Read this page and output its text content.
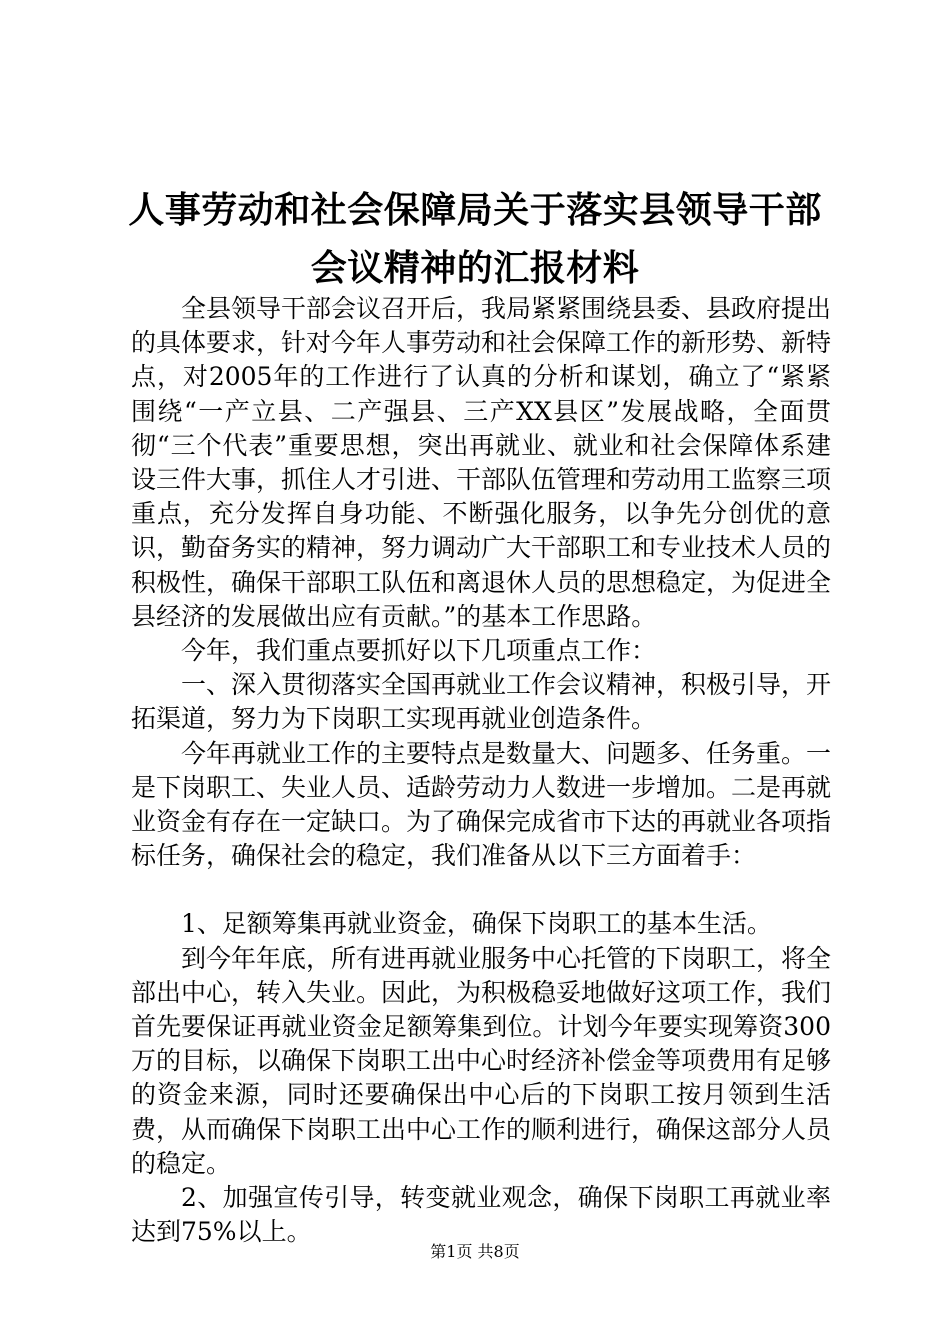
人事劳动和社会保障局关于落实县领导干部会议精神的汇报材料

全县领导干部会议召开后，我局紧紧围绕县委、县政府提出的具体要求，针对今年人事劳动和社会保障工作的新形势、新特点，对2005年的工作进行了认真的分析和谋划，确立了“紧紧围绕“一产立县、二产强县、三产XX县区”发展战略，全面贯彻“三个代表”重要思想，突出再就业、就业和社会保障体系建设三件大事，抓住人才引进、干部队伍管理和劳动用工监察三项重点，充分发挥自身功能、不断强化服务，以争先分创优的意识，勤奋务实的精神，努力调动广大干部职工和专业技术人员的积极性，确保干部职工队伍和离退休人员的思想稳定，为促进全县经济的发展做出应有贡献。”的基本工作思路。

今年，我们重点要抓好以下几项重点工作：

一、深入贯彻落实全国再就业工作会议精神，积极引导，开拓渠道，努力为下岗职工实现再就业创造条件。

今年再就业工作的主要特点是数量大、问题多、任务重。一是下岗职工、失业人员、适龄劳动力人数进一步增加。二是再就业资金有存在一定缺口。为了确保完成省市下达的再就业各项指标任务，确保社会的稳定，我们准备从以下三方面着手：

1、足额筹集再就业资金，确保下岗职工的基本生活。

到今年年底，所有进再就业服务中心托管的下岗职工，将全部出中心，转入失业。因此，为积极稳妥地做好这项工作，我们首先要保证再就业资金足额筹集到位。计划今年要实现筹资300万的目标，以确保下岗职工出中心时经济补偿金等项费用有足够的资金来源，同时还要确保出中心后的下岗职工按月领到生活费，从而确保下岗职工出中心工作的顺利进行，确保这部分人员的稳定。

2、加强宣传引导，转变就业观念，确保下岗职工再就业率达到75%以上。

第1页 共8页
